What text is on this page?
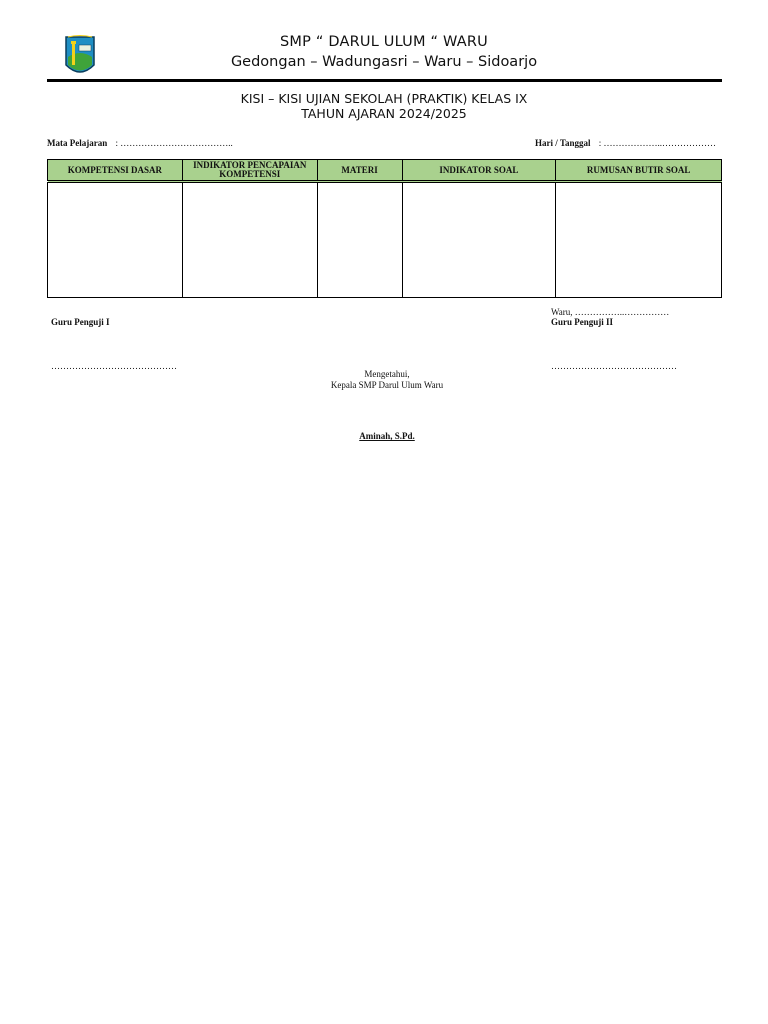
SMP “ DARUL ULUM “ WARU
Gedongan – Wadungasri – Waru – Sidoarjo
KISI – KISI UJIAN SEKOLAH (PRAKTIK) KELAS IX
TAHUN AJARAN 2024/2025
Mata Pelajaran : ………………………………..	Hari / Tanggal : ………………..………………
KOMPETENSI DASAR	INDIKATOR PENCAPAIAN KOMPETENSI	MATERI	INDIKATOR SOAL	RUMUSAN BUTIR SOAL

Guru Penguji I
Waru, ……………..……………
Guru Penguji II
……………………………………	……………………………………
Mengetahui,
Kepala SMP Darul Ulum Waru
Aminah, S.Pd.
